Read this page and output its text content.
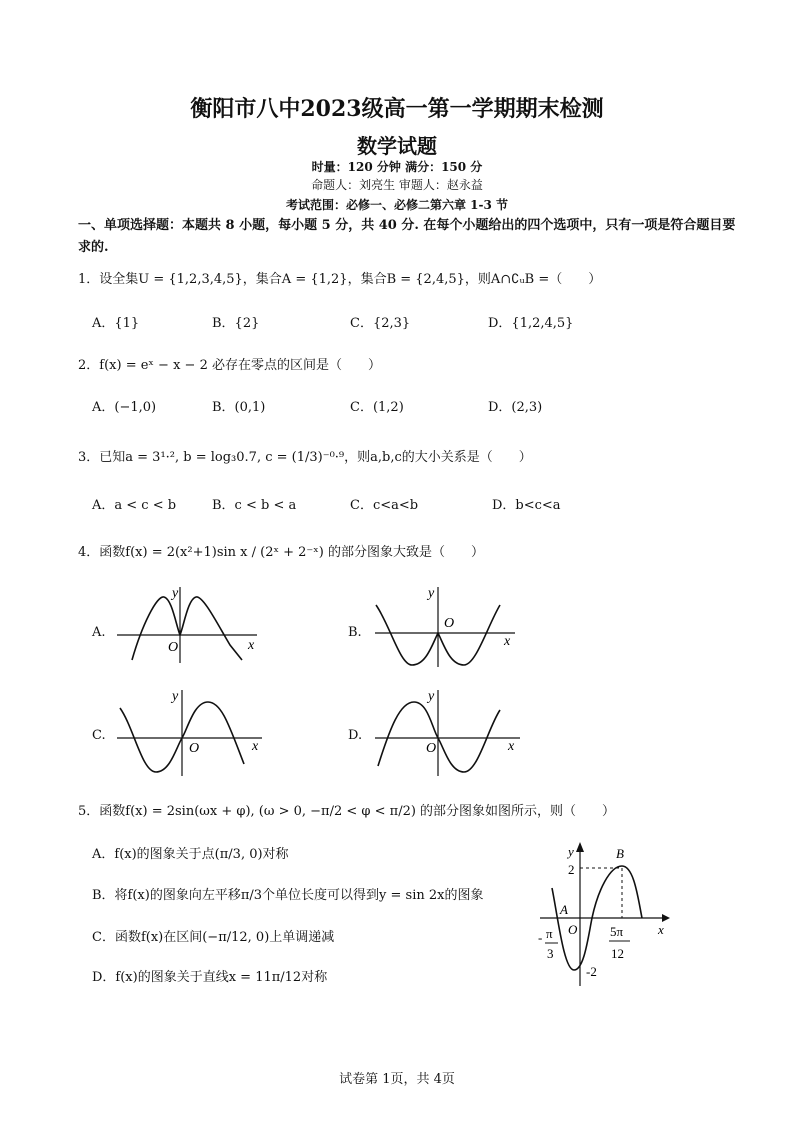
衡阳市八中2023级高一第一学期期末检测
数学试题
时量：120 分钟 满分：150 分
命题人：刘亮生 审题人：赵永益
考试范围：必修一、必修二第六章 1-3 节
一、单项选择题：本题共 8 小题，每小题 5 分，共 40 分. 在每个小题给出的四个选项中，只有一项是符合题目要求的.
1．设全集U = {1,2,3,4,5}，集合A = {1,2}，集合B = {2,4,5}，则A∩∁ᵤB =（　　）
A．{1}	B．{2}	C．{2,3}	D．{1,2,4,5}
2．f(x) = eˣ − x − 2 必存在零点的区间是（　　）
A．(−1,0)	B．(0,1)	C．(1,2)	D．(2,3)
3．已知a = 3¹·², b = log₃0.7, c = (1/3)⁻⁰·⁹，则a,b,c的大小关系是（　　）
A．a < c < b	B．c < b < a	C．c<a<b	D．b<c<a
4．函数f(x) = 2(x²+1)sin x / (2ˣ + 2⁻ˣ) 的部分图象大致是（　　）
A.
y
x
O
B.
y
x
O
C.
y
x
O
D.
y
x
O
5．函数f(x) = 2sin(ωx + φ), (ω > 0, −π/2 < φ < π/2) 的部分图象如图所示，则（　　）
A．f(x)的图象关于点(π/3, 0)对称
B．将f(x)的图象向左平移π/3个单位长度可以得到y = sin 2x的图象
C．函数f(x)在区间(−π/12, 0)上单调递减
D．f(x)的图象关于直线x = 11π/12对称
y
x
O
A
B
2
-2
- π
3
5π
12
试卷第 1页，共 4页
